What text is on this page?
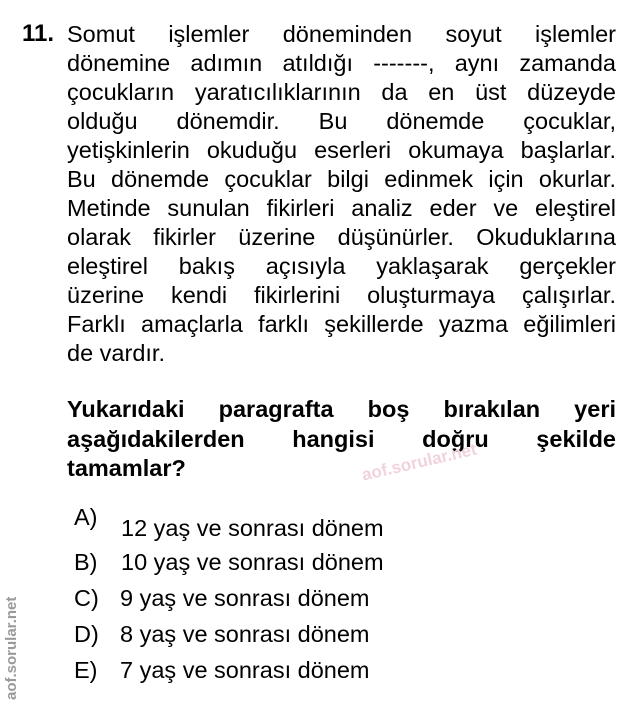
11. Somut işlemler döneminden soyut işlemler
dönemine adımın atıldığı -------, aynı zamanda
çocukların yaratıcılıklarının da en üst düzeyde
olduğu dönemdir. Bu dönemde çocuklar,
yetişkinlerin okuduğu eserleri okumaya başlarlar.
Bu dönemde çocuklar bilgi edinmek için okurlar.
Metinde sunulan fikirleri analiz eder ve eleştirel
olarak fikirler üzerine düşünürler. Okuduklarına
eleştirel bakış açısıyla yaklaşarak gerçekler
üzerine kendi fikirlerini oluşturmaya çalışırlar.
Farklı amaçlarla farklı şekillerde yazma eğilimleri
de vardır.
Yukarıdaki paragrafta boş bırakılan yeri
aşağıdakilerden hangisi doğru şekilde
tamamlar?	aof.sorular.net
A) 12 yaş ve sonrası dönem
B) 10 yaş ve sonrası dönem
C) 9 yaş ve sonrası dönem
D) 8 yaş ve sonrası dönem
E) 7 yaş ve sonrası dönem
aof.sorular.net
